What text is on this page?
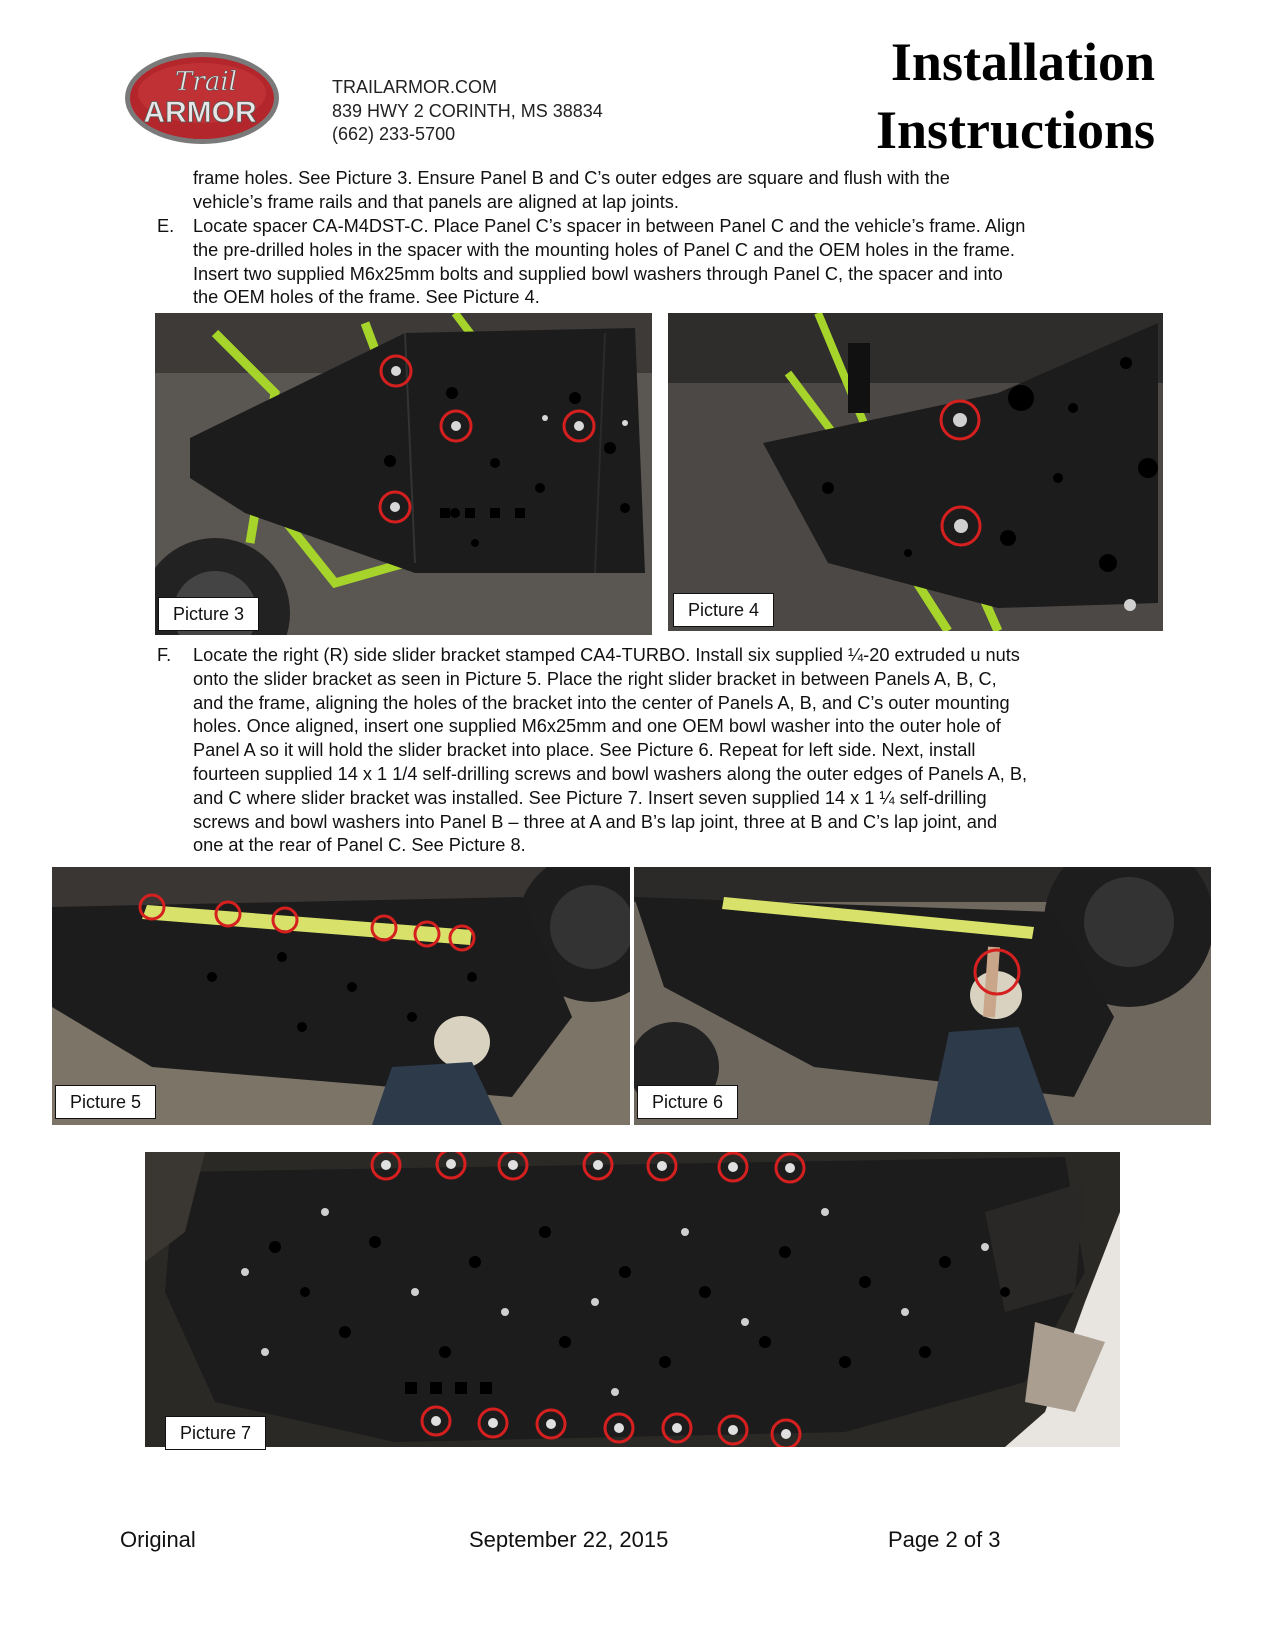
Trail
ARMOR
TRAILARMOR.COM
839 HWY 2 CORINTH, MS 38834
(662) 233-5700
Installation
Instructions
frame holes. See Picture 3. Ensure Panel B and C’s outer edges are square and flush with the
vehicle’s frame rails and that panels are aligned at lap joints.
E. Locate spacer CA-M4DST-C. Place Panel C’s spacer in between Panel C and the vehicle’s frame. Align
the pre-drilled holes in the spacer with the mounting holes of Panel C and the OEM holes in the frame.
Insert two supplied M6x25mm bolts and supplied bowl washers through Panel C, the spacer and into
the OEM holes of the frame. See Picture 4.
Picture 3	Picture 4
F. Locate the right (R) side slider bracket stamped CA4-TURBO. Install six supplied ¼-20 extruded u nuts
onto the slider bracket as seen in Picture 5. Place the right slider bracket in between Panels A, B, C,
and the frame, aligning the holes of the bracket into the center of Panels A, B, and C’s outer mounting
holes. Once aligned, insert one supplied M6x25mm and one OEM bowl washer into the outer hole of
Panel A so it will hold the slider bracket into place. See Picture 6. Repeat for left side. Next, install
fourteen supplied 14 x 1 1/4 self-drilling screws and bowl washers along the outer edges of Panels A, B,
and C where slider bracket was installed. See Picture 7. Insert seven supplied 14 x 1 ¼ self-drilling
screws and bowl washers into Panel B – three at A and B’s lap joint, three at B and C’s lap joint, and
one at the rear of Panel C. See Picture 8.
Picture 5	Picture 6
Picture 7
Original	September 22, 2015	Page 2 of 3
